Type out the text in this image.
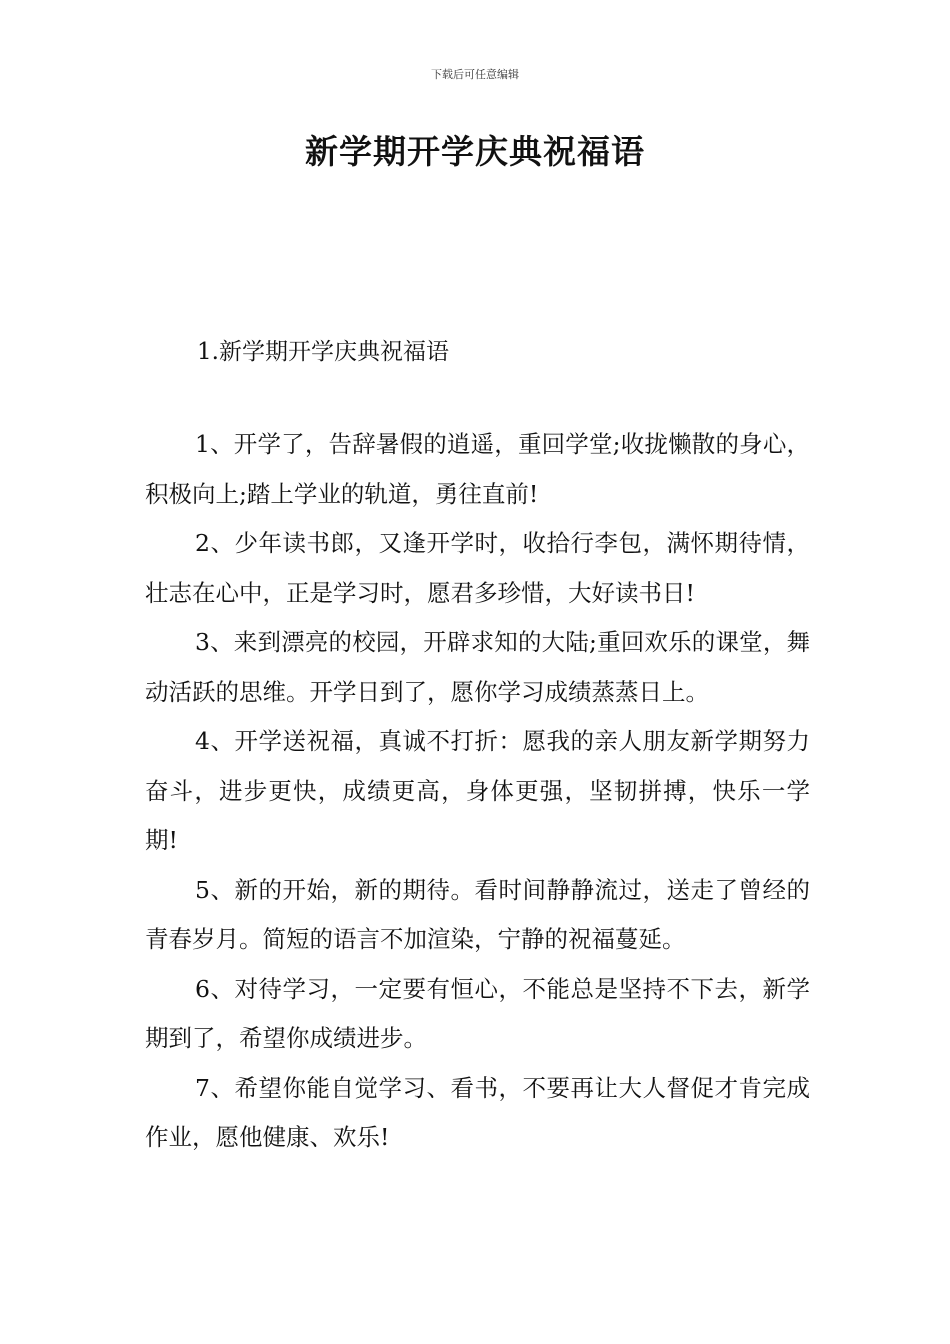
下载后可任意编辑
新学期开学庆典祝福语
1.新学期开学庆典祝福语

1、开学了，告辞暑假的逍遥，重回学堂;收拢懒散的身心，积极向上;踏上学业的轨道，勇往直前!

2、少年读书郎，又逢开学时，收拾行李包，满怀期待情，壮志在心中，正是学习时，愿君多珍惜，大好读书日!

3、来到漂亮的校园，开辟求知的大陆;重回欢乐的课堂，舞动活跃的思维。开学日到了，愿你学习成绩蒸蒸日上。

4、开学送祝福，真诚不打折：愿我的亲人朋友新学期努力奋斗，进步更快，成绩更高，身体更强，坚韧拼搏，快乐一学期!

5、新的开始，新的期待。看时间静静流过，送走了曾经的青春岁月。简短的语言不加渲染，宁静的祝福蔓延。

6、对待学习，一定要有恒心，不能总是坚持不下去，新学期到了，希望你成绩进步。

7、希望你能自觉学习、看书，不要再让大人督促才肯完成作业，愿他健康、欢乐!
